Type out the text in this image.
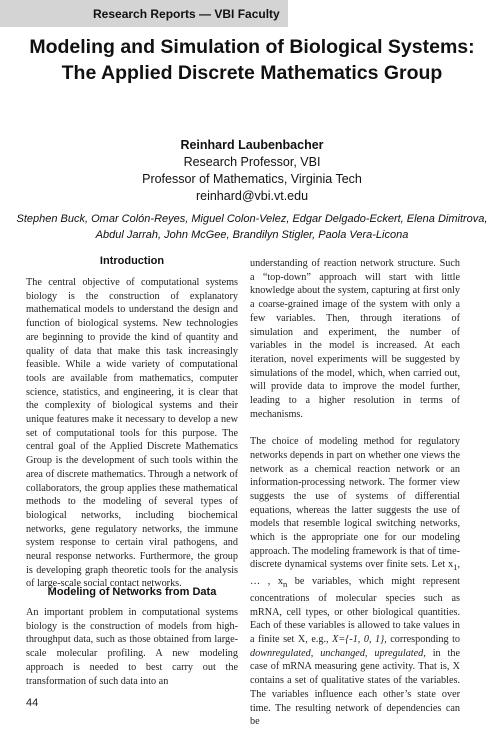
Research Reports — VBI Faculty
Modeling and Simulation of Biological Systems: The Applied Discrete Mathematics Group
Reinhard Laubenbacher
Research Professor, VBI
Professor of Mathematics, Virginia Tech
reinhard@vbi.vt.edu
Stephen Buck, Omar Colón-Reyes, Miguel Colon-Velez, Edgar Delgado-Eckert, Elena Dimitrova, Abdul Jarrah, John McGee, Brandilyn Stigler, Paola Vera-Licona
Introduction

The central objective of computational systems biology is the construction of explanatory mathematical models to understand the design and function of biological systems. New technologies are beginning to provide the kind of quantity and quality of data that make this task increasingly feasible. While a wide variety of computational tools are available from mathematics, computer science, statistics, and engineering, it is clear that the complexity of biological systems and their unique features make it necessary to develop a new set of computational tools for this purpose. The central goal of the Applied Discrete Mathematics Group is the development of such tools within the area of discrete mathematics. Through a network of collaborators, the group applies these mathematical methods to the modeling of several types of biological networks, including biochemical networks, gene regulatory networks, the immune system response to certain viral pathogens, and neural response networks. Furthermore, the group is developing graph theoretic tools for the analysis of large-scale social contact networks.

Modeling of Networks from Data

An important problem in computational systems biology is the construction of models from high-throughput data, such as those obtained from large-scale molecular profiling. A new modeling approach is needed to best carry out the transformation of such data into an

understanding of reaction network structure. Such a “top-down” approach will start with little knowledge about the system, capturing at first only a coarse-grained image of the system with only a few variables. Then, through iterations of simulation and experiment, the number of variables in the model is increased. At each iteration, novel experiments will be suggested by simulations of the model, which, when carried out, will provide data to improve the model further, leading to a higher resolution in terms of mechanisms.

The choice of modeling method for regulatory networks depends in part on whether one views the network as a chemical reaction network or an information-processing network. The former view suggests the use of systems of differential equations, whereas the latter suggests the use of models that resemble logical switching networks, which is the appropriate one for our modeling approach. The modeling framework is that of time-discrete dynamical systems over finite sets. Let $x_1$, … , $x_n$ be variables, which might represent concentrations of molecular species such as mRNA, cell types, or other biological quantities. Each of these variables is allowed to take values in a finite set X, e.g., X={-1, 0, 1}, corresponding to downregulated, unchanged, upregulated, in the case of mRNA measuring gene activity. That is, X contains a set of qualitative states of the variables. The variables influence each other’s state over time. The resulting network of dependencies can be

44
